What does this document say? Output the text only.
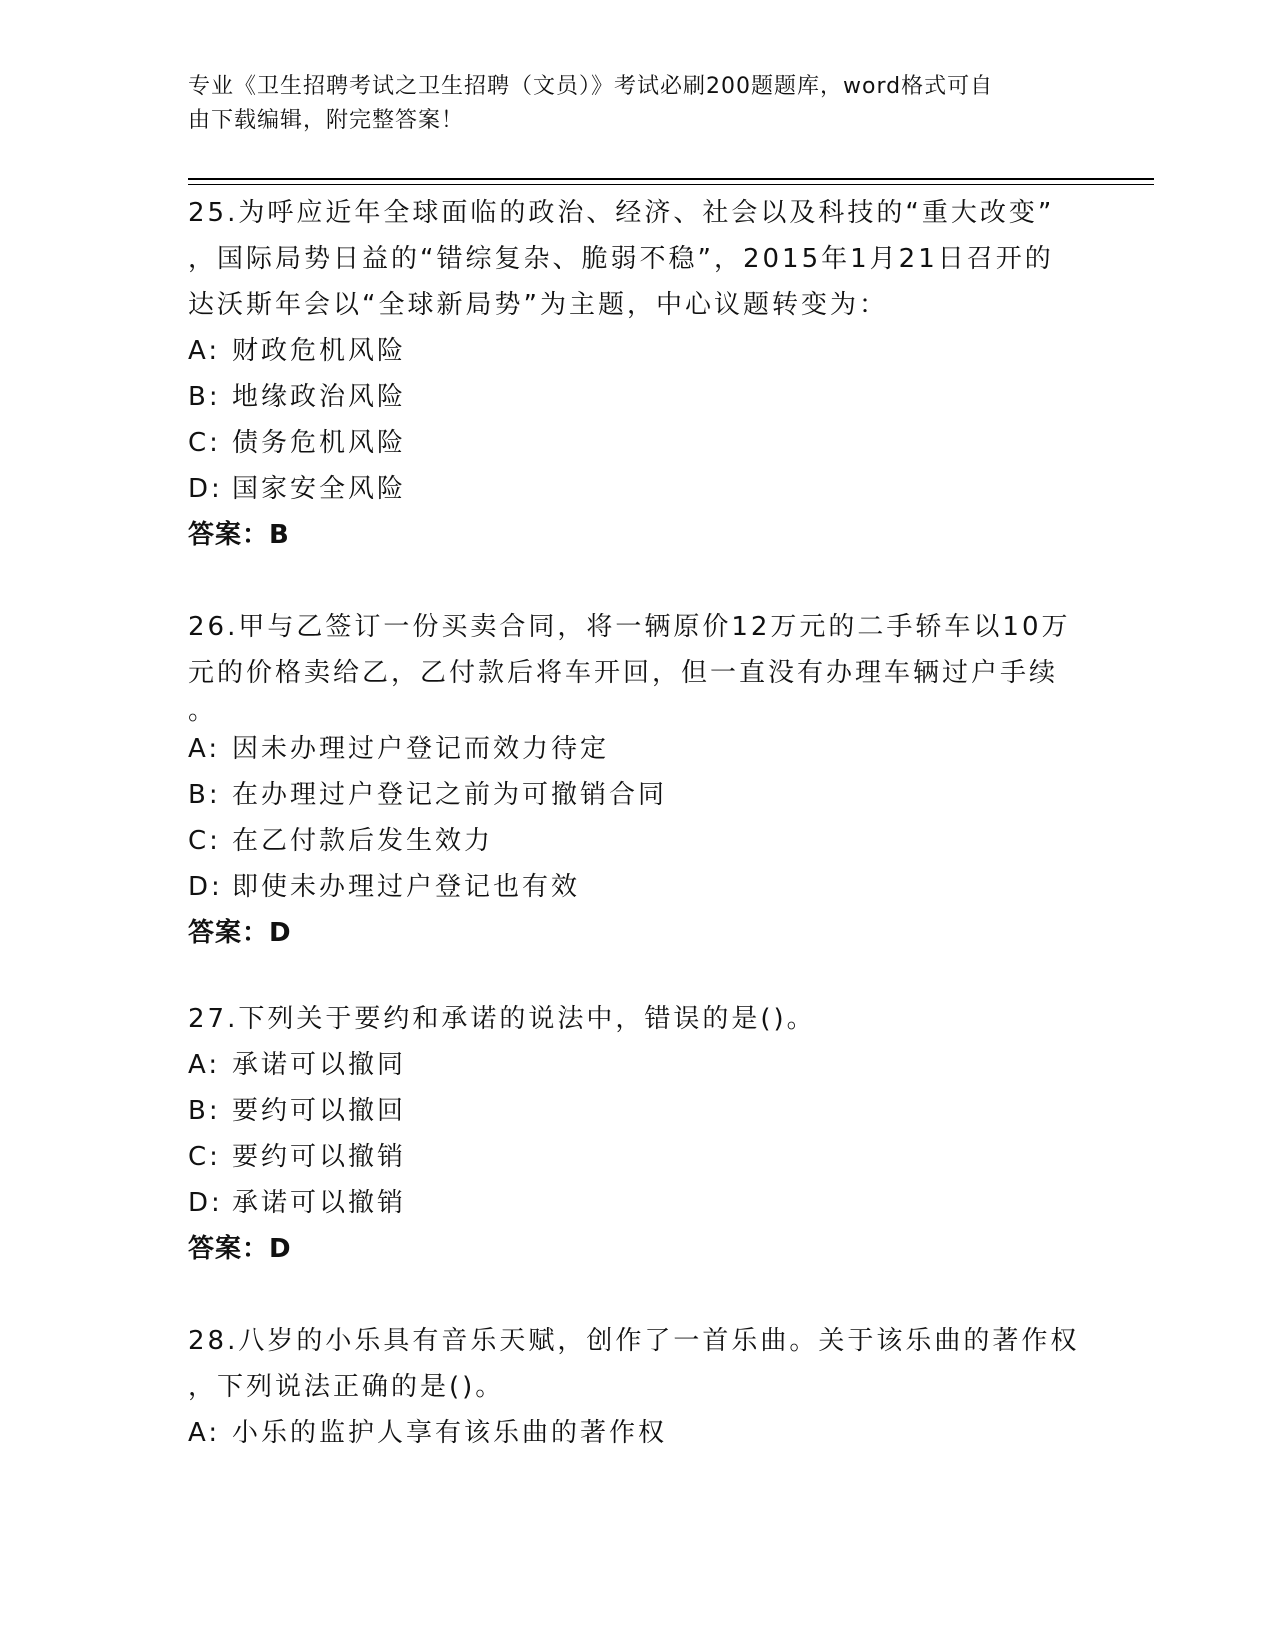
专业《卫生招聘考试之卫生招聘（文员）》考试必刷200题题库，word格式可自
由下载编辑，附完整答案！

25.为呼应近年全球面临的政治、经济、社会以及科技的“重大改变”

，国际局势日益的“错综复杂、脆弱不稳”，2015年1月21日召开的

达沃斯年会以“全球新局势”为主题，中心议题转变为：

A: 财政危机风险

B: 地缘政治风险

C: 债务危机风险

D: 国家安全风险

答案：B

26.甲与乙签订一份买卖合同，将一辆原价12万元的二手轿车以10万

元的价格卖给乙，乙付款后将车开回，但一直没有办理车辆过户手续

。

A: 因未办理过户登记而效力待定

B: 在办理过户登记之前为可撤销合同

C: 在乙付款后发生效力

D: 即使未办理过户登记也有效

答案：D

27.下列关于要约和承诺的说法中，错误的是()。

A: 承诺可以撤同

B: 要约可以撤回

C: 要约可以撤销

D: 承诺可以撤销

答案：D

28.八岁的小乐具有音乐天赋，创作了一首乐曲。关于该乐曲的著作权

，下列说法正确的是()。

A: 小乐的监护人享有该乐曲的著作权
